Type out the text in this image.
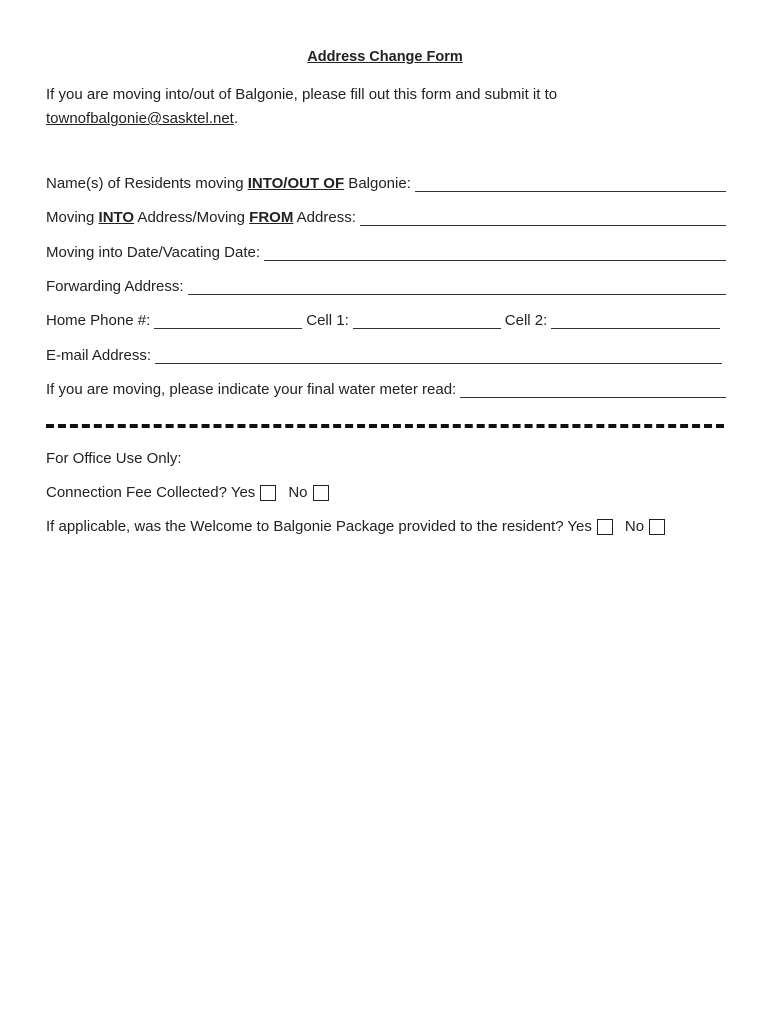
Address Change Form
If you are moving into/out of Balgonie, please fill out this form and submit it to
townofbalgonie@sasktel.net.
Name(s) of Residents moving INTO/OUT OF Balgonie:
Moving INTO Address/Moving FROM Address:
Moving into Date/Vacating Date:
Forwarding Address:
Home Phone #:	Cell 1:	Cell 2:
E-mail Address:
If you are moving, please indicate your final water meter read:
For Office Use Only:
Connection Fee Collected? Yes No
If applicable, was the Welcome to Balgonie Package provided to the resident? Yes No
